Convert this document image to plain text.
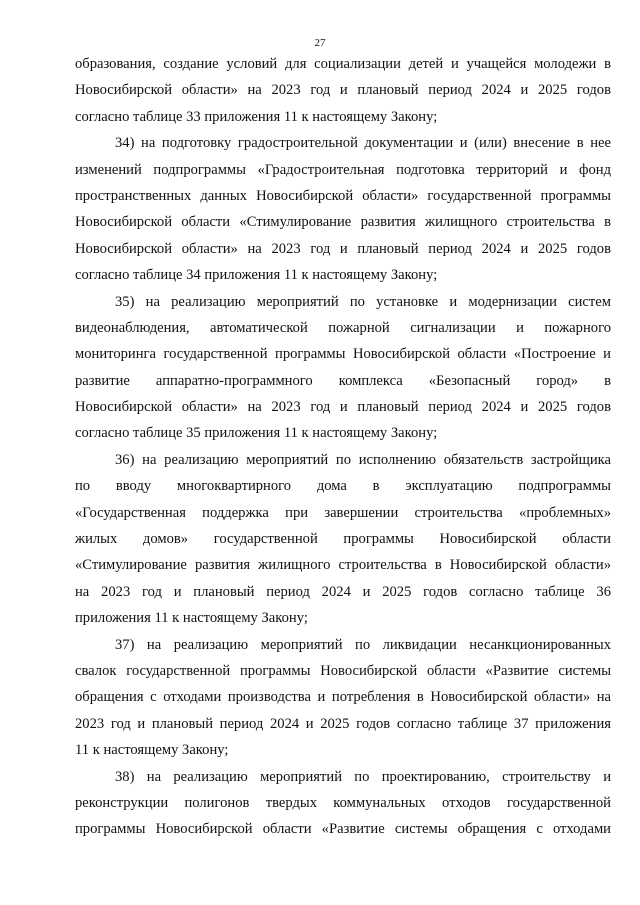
27
образования, создание условий для социализации детей и учащейся молодежи в
Новосибирской области» на 2023 год и плановый период 2024 и 2025 годов
согласно таблице 33 приложения 11 к настоящему Закону;
34) на подготовку градостроительной документации и (или) внесение в нее
изменений подпрограммы «Градостроительная подготовка территорий и фонд
пространственных данных Новосибирской области» государственной программы
Новосибирской области «Стимулирование развития жилищного строительства в
Новосибирской области» на 2023 год и плановый период 2024 и 2025 годов
согласно таблице 34 приложения 11 к настоящему Закону;
35) на реализацию мероприятий по установке и модернизации систем
видеонаблюдения, автоматической пожарной сигнализации и пожарного
мониторинга государственной программы Новосибирской области «Построение и
развитие аппаратно-программного комплекса «Безопасный город» в
Новосибирской области» на 2023 год и плановый период 2024 и 2025 годов
согласно таблице 35 приложения 11 к настоящему Закону;
36) на реализацию мероприятий по исполнению обязательств застройщика
по вводу многоквартирного дома в эксплуатацию подпрограммы
«Государственная поддержка при завершении строительства «проблемных»
жилых домов» государственной программы Новосибирской области
«Стимулирование развития жилищного строительства в Новосибирской области»
на 2023 год и плановый период 2024 и 2025 годов согласно таблице 36
приложения 11 к настоящему Закону;
37) на реализацию мероприятий по ликвидации несанкционированных
свалок государственной программы Новосибирской области «Развитие системы
обращения с отходами производства и потребления в Новосибирской области» на
2023 год и плановый период 2024 и 2025 годов согласно таблице 37 приложения
11 к настоящему Закону;
38) на реализацию мероприятий по проектированию, строительству и
реконструкции полигонов твердых коммунальных отходов государственной
программы Новосибирской области «Развитие системы обращения с отходами
